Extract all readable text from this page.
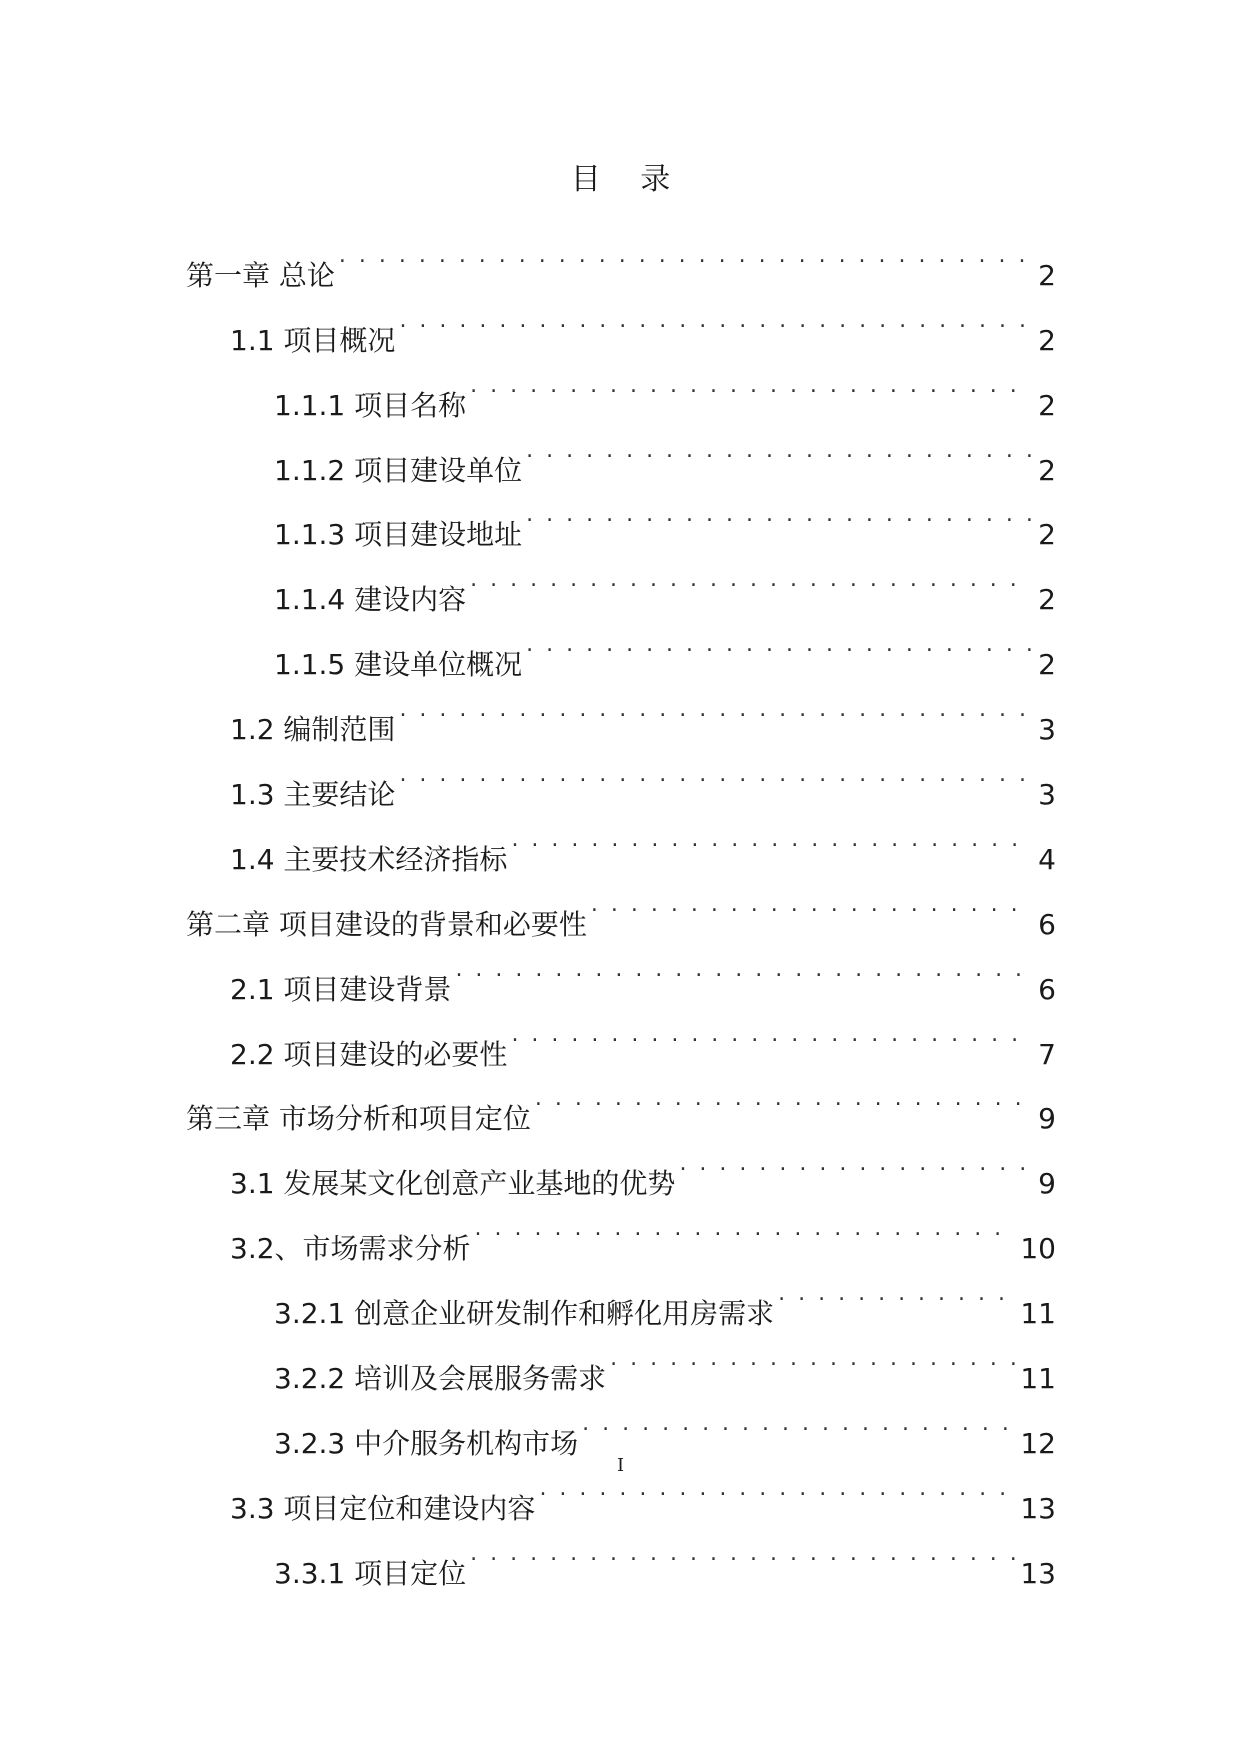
目 录
第一章 总论 . . .	2
1.1 项目概况 . . .	2
1.1.1 项目名称 . . .	2
1.1.2 项目建设单位 . . .	2
1.1.3 项目建设地址 . . .	2
1.1.4 建设内容 . . .	2
1.1.5 建设单位概况 . . .	2
1.2 编制范围 . . .	3
1.3 主要结论 . . .	3
1.4 主要技术经济指标 . . .	4
第二章 项目建设的背景和必要性 . . .	6
2.1 项目建设背景 . . .	6
2.2 项目建设的必要性 . . .	7
第三章 市场分析和项目定位 . . .	9
3.1 发展某文化创意产业基地的优势 . . .	9
3.2、市场需求分析 . . .	10
3.2.1 创意企业研发制作和孵化用房需求 . . .	11
3.2.2 培训及会展服务需求 . . .	11
3.2.3 中介服务机构市场 . . .	12
3.3 项目定位和建设内容 . . .	13
3.3.1 项目定位 . . .	13
I
